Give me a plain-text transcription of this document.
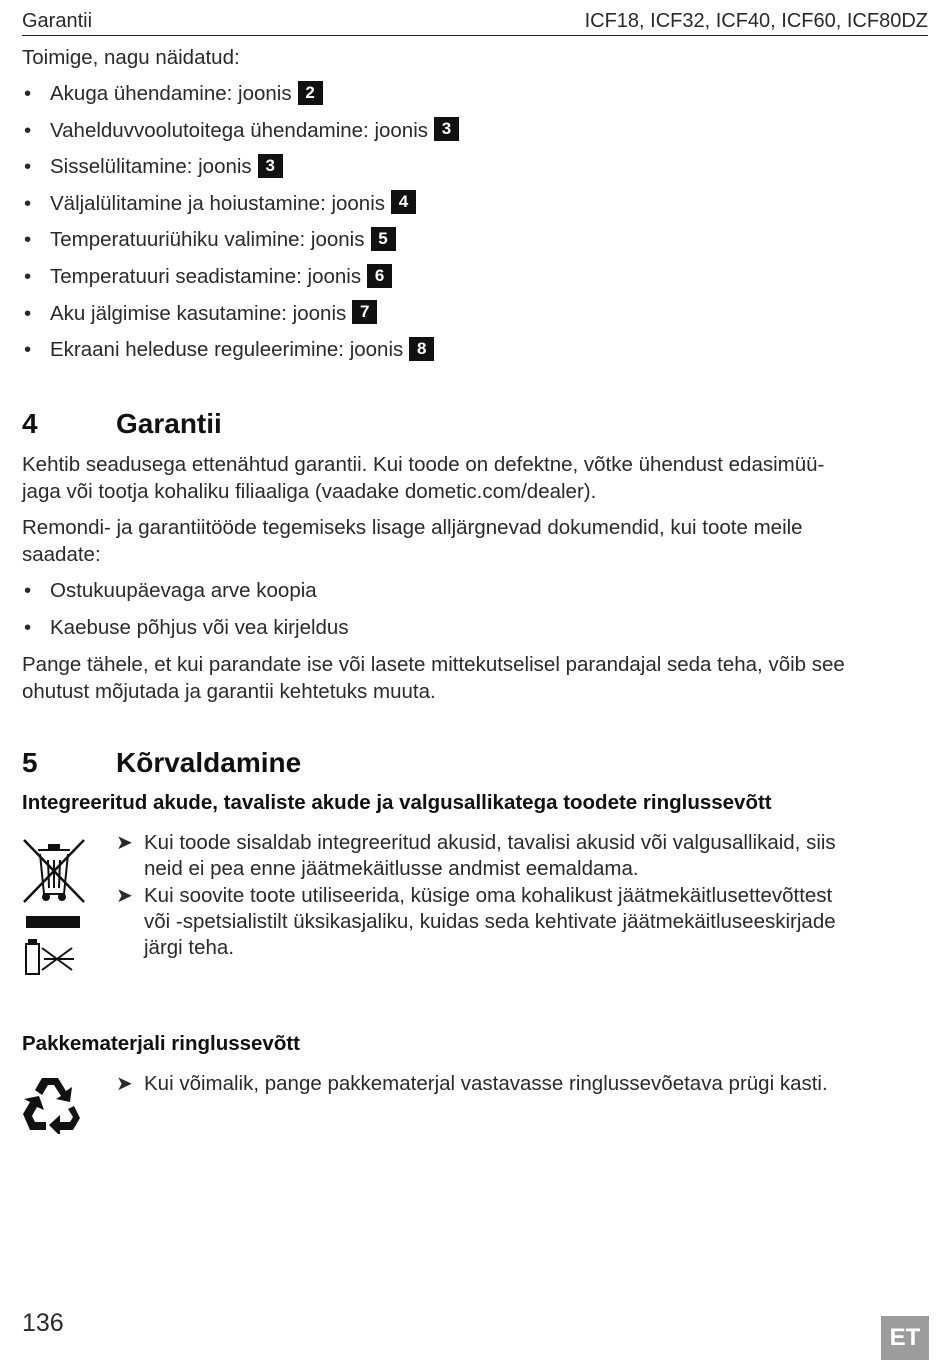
Garantii	ICF18, ICF32, ICF40, ICF60, ICF80DZ
Toimige, nagu näidatud:
• Akuga ühendamine: joonis 2
• Vahelduvvoolutoitega ühendamine: joonis 3
• Sisselülitamine: joonis 3
• Väljalülitamine ja hoiustamine: joonis 4
• Temperatuuriühiku valimine: joonis 5
• Temperatuuri seadistamine: joonis 6
• Aku jälgimise kasutamine: joonis 7
• Ekraani heleduse reguleerimine: joonis 8
4	Garantii
Kehtib seadusega ettenähtud garantii. Kui toode on defektne, võtke ühendust edasimüü-
jaga või tootja kohaliku filiaaliga (vaadake dometic.com/dealer).
Remondi- ja garantiitööde tegemiseks lisage alljärgnevad dokumendid, kui toote meile
saadate:
• Ostukuupäevaga arve koopia
• Kaebuse põhjus või vea kirjeldus
Pange tähele, et kui parandate ise või lasete mittekutselisel parandajal seda teha, võib see
ohutust mõjutada ja garantii kehtetuks muuta.
5	Kõrvaldamine
Integreeritud akude, tavaliste akude ja valgusallikatega toodete ringlussevõtt
➤ Kui toode sisaldab integreeritud akusid, tavalisi akusid või valgusallikaid, siis
neid ei pea enne jäätmekäitlusse andmist eemaldama.
➤ Kui soovite toote utiliseerida, küsige oma kohalikust jäätmekäitlusettevõttest
või -spetsialistilt üksikasjaliku, kuidas seda kehtivate jäätmekäitluseeskirjade
järgi teha.
Pakkematerjali ringlussevõtt
➤ Kui võimalik, pange pakkematerjal vastavasse ringlussevõetava prügi kasti.
136
ET
